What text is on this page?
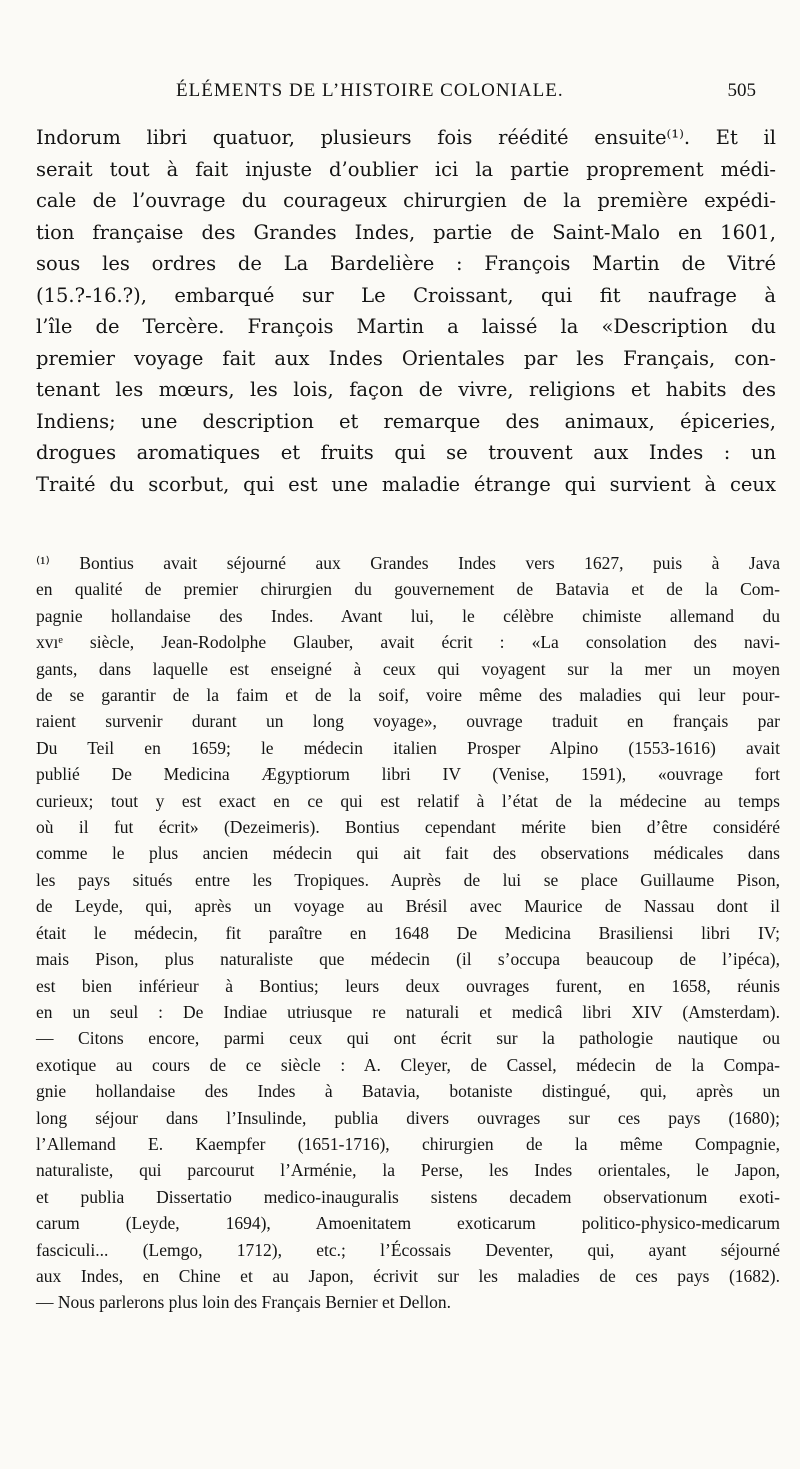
ÉLÉMENTS DE L’HISTOIRE COLONIALE.	505
Indorum libri quatuor, plusieurs fois réédité ensuite⁽¹⁾. Et il
serait tout à fait injuste d’oublier ici la partie proprement médi-
cale de l’ouvrage du courageux chirurgien de la première expédi-
tion française des Grandes Indes, partie de Saint-Malo en 1601,
sous les ordres de La Bardelière : François Martin de Vitré
(15.?-16.?), embarqué sur Le Croissant, qui fit naufrage à
l’île de Tercère. François Martin a laissé la «Description du
premier voyage fait aux Indes Orientales par les Français, con-
tenant les mœurs, les lois, façon de vivre, religions et habits des
Indiens; une description et remarque des animaux, épiceries,
drogues aromatiques et fruits qui se trouvent aux Indes : un
Traité du scorbut, qui est une maladie étrange qui survient à ceux
⁽¹⁾ Bontius avait séjourné aux Grandes Indes vers 1627, puis à Java
en qualité de premier chirurgien du gouvernement de Batavia et de la Com-
pagnie hollandaise des Indes. Avant lui, le célèbre chimiste allemand du
xvıᵉ siècle, Jean-Rodolphe Glauber, avait écrit : «La consolation des navi-
gants, dans laquelle est enseigné à ceux qui voyagent sur la mer un moyen
de se garantir de la faim et de la soif, voire même des maladies qui leur pour-
raient survenir durant un long voyage», ouvrage traduit en français par
Du Teil en 1659; le médecin italien Prosper Alpino (1553-1616) avait
publié De Medicina Ægyptiorum libri IV (Venise, 1591), «ouvrage fort
curieux; tout y est exact en ce qui est relatif à l’état de la médecine au temps
où il fut écrit» (Dezeimeris). Bontius cependant mérite bien d’être considéré
comme le plus ancien médecin qui ait fait des observations médicales dans
les pays situés entre les Tropiques. Auprès de lui se place Guillaume Pison,
de Leyde, qui, après un voyage au Brésil avec Maurice de Nassau dont il
était le médecin, fit paraître en 1648 De Medicina Brasiliensi libri IV;
mais Pison, plus naturaliste que médecin (il s’occupa beaucoup de l’ipéca),
est bien inférieur à Bontius; leurs deux ouvrages furent, en 1658, réunis
en un seul : De Indiae utriusque re naturali et medicâ libri XIV (Amsterdam).
— Citons encore, parmi ceux qui ont écrit sur la pathologie nautique ou
exotique au cours de ce siècle : A. Cleyer, de Cassel, médecin de la Compa-
gnie hollandaise des Indes à Batavia, botaniste distingué, qui, après un
long séjour dans l’Insulinde, publia divers ouvrages sur ces pays (1680);
l’Allemand E. Kaempfer (1651-1716), chirurgien de la même Compagnie,
naturaliste, qui parcourut l’Arménie, la Perse, les Indes orientales, le Japon,
et publia Dissertatio medico-inauguralis sistens decadem observationum exoti-
carum (Leyde, 1694), Amoenitatem exoticarum politico-physico-medicarum
fasciculi... (Lemgo, 1712), etc.; l’Écossais Deventer, qui, ayant séjourné
aux Indes, en Chine et au Japon, écrivit sur les maladies de ces pays (1682).
— Nous parlerons plus loin des Français Bernier et Dellon.
